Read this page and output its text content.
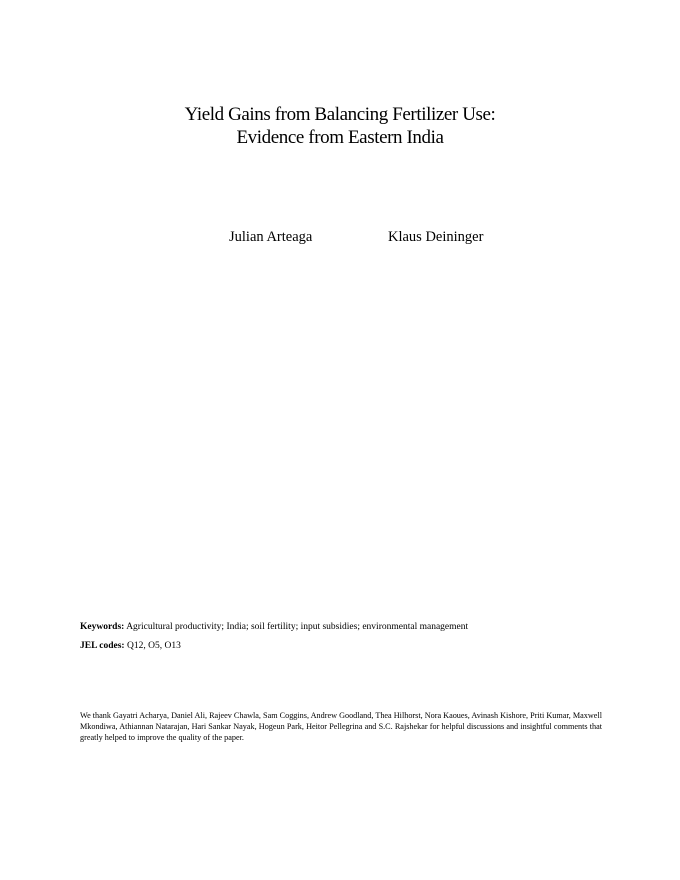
Yield Gains from Balancing Fertilizer Use:
Evidence from Eastern India
Julian Arteaga	Klaus Deininger
Keywords: Agricultural productivity; India; soil fertility; input subsidies; environmental management
JEL codes: Q12, O5, O13
We thank Gayatri Acharya, Daniel Ali, Rajeev Chawla, Sam Coggins, Andrew Goodland, Thea Hilhorst, Nora Kaoues, Avinash Kishore, Priti Kumar, Maxwell Mkondiwa, Athiannan Natarajan, Hari Sankar Nayak, Hogeun Park, Heitor Pellegrina and S.C. Rajshekar for helpful discussions and insightful comments that greatly helped to improve the quality of the paper.
